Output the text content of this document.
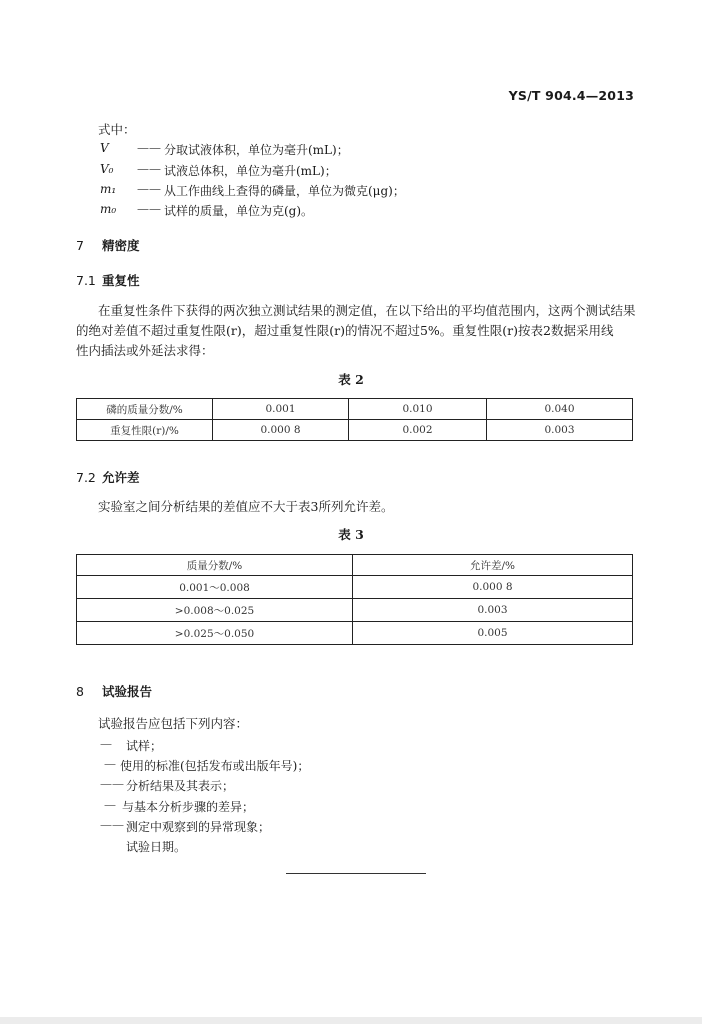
YS/T 904.4—2013
式中：
V —— 分取试液体积，单位为毫升(mL)；
V₀ —— 试液总体积，单位为毫升(mL)；
m₁ —— 从工作曲线上查得的磷量，单位为微克(μg)；
m₀ —— 试样的质量，单位为克(g)。
7 精密度
7.1 重复性
在重复性条件下获得的两次独立测试结果的测定值，在以下给出的平均值范围内，这两个测试结果
的绝对差值不超过重复性限(r)，超过重复性限(r)的情况不超过5%。重复性限(r)按表2数据采用线
性内插法或外延法求得：
表 2
磷的质量分数/%	0.001	0.010	0.040
重复性限(r)/%	0.000 8	0.002	0.003
7.2 允许差
实验室之间分析结果的差值应不大于表3所列允许差。
表 3
质量分数/%	允许差/%
0.001～0.008	0.000 8
>0.008～0.025	0.003
>0.025～0.050	0.005
8 试验报告
试验报告应包括下列内容：
— 试样；
— 使用的标准(包括发布或出版年号)；
—— 分析结果及其表示；
— 与基本分析步骤的差异；
—— 测定中观察到的异常现象；
试验日期。
